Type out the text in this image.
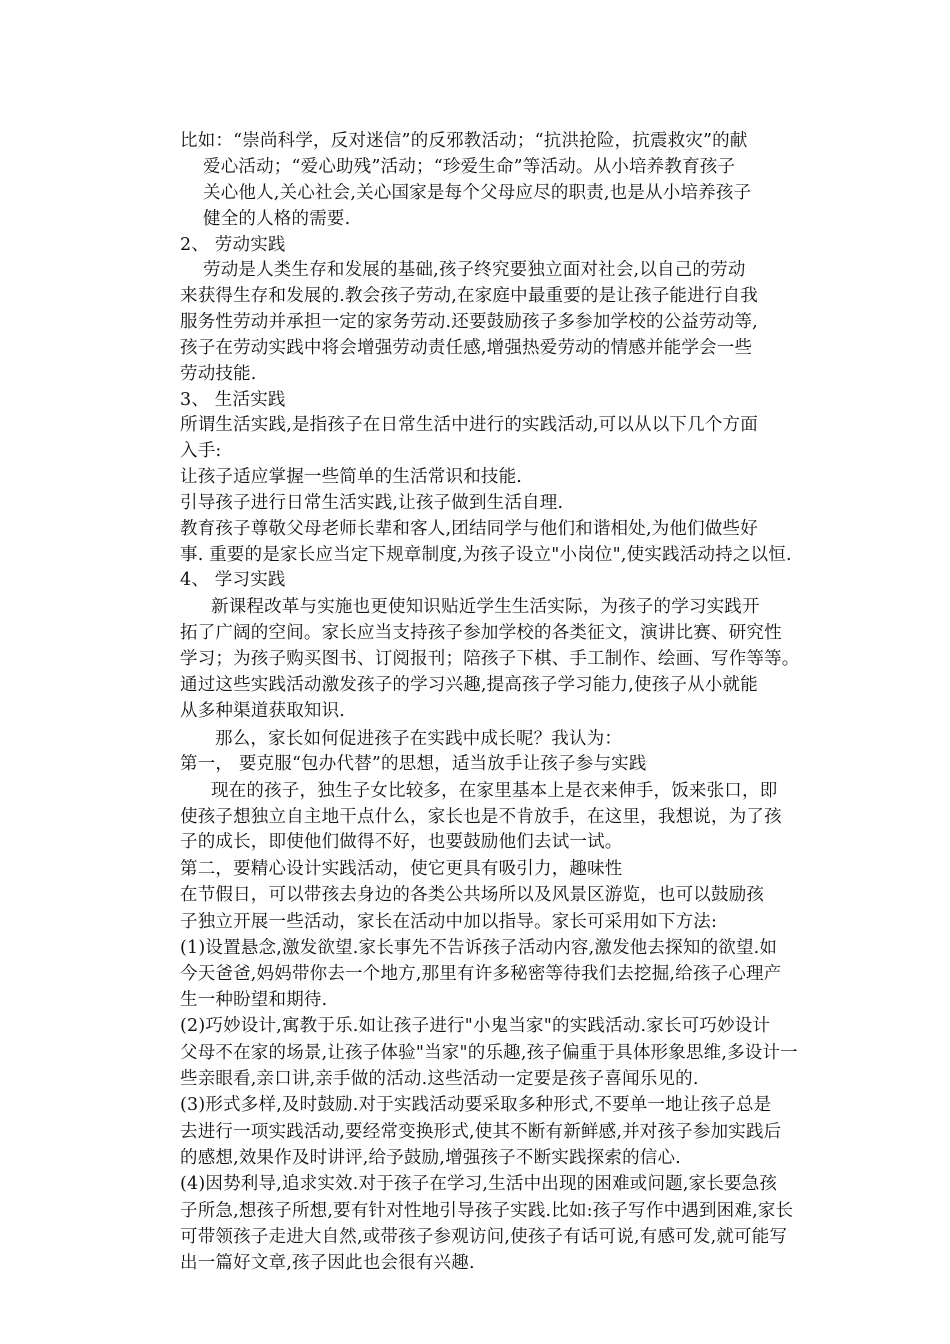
比如：“崇尚科学，反对迷信”的反邪教活动；“抗洪抢险，抗震救灾”的献
爱心活动；“爱心助残”活动；“珍爱生命”等活动。从小培养教育孩子
关心他人,关心社会,关心国家是每个父母应尽的职责,也是从小培养孩子
健全的人格的需要.
2、 劳动实践
劳动是人类生存和发展的基础,孩子终究要独立面对社会,以自己的劳动
来获得生存和发展的.教会孩子劳动,在家庭中最重要的是让孩子能进行自我
服务性劳动并承担一定的家务劳动.还要鼓励孩子多参加学校的公益劳动等,
孩子在劳动实践中将会增强劳动责任感,增强热爱劳动的情感并能学会一些
劳动技能.
3、 生活实践
所谓生活实践,是指孩子在日常生活中进行的实践活动,可以从以下几个方面
入手:
让孩子适应掌握一些简单的生活常识和技能.
引导孩子进行日常生活实践,让孩子做到生活自理.
教育孩子尊敬父母老师长辈和客人,团结同学与他们和谐相处,为他们做些好
事. 重要的是家长应当定下规章制度,为孩子设立"小岗位",使实践活动持之以恒.
4、 学习实践
新课程改革与实施也更使知识贴近学生生活实际，为孩子的学习实践开
拓了广阔的空间。家长应当支持孩子参加学校的各类征文，演讲比赛、研究性
学习；为孩子购买图书、订阅报刊；陪孩子下棋、手工制作、绘画、写作等等。
通过这些实践活动激发孩子的学习兴趣,提高孩子学习能力,使孩子从小就能
从多种渠道获取知识.
那么，家长如何促进孩子在实践中成长呢？我认为：
第一， 要克服“包办代替”的思想，适当放手让孩子参与实践
现在的孩子，独生子女比较多，在家里基本上是衣来伸手，饭来张口，即
使孩子想独立自主地干点什么，家长也是不肯放手，在这里，我想说，为了孩
子的成长，即使他们做得不好，也要鼓励他们去试一试。
第二，要精心设计实践活动，使它更具有吸引力，趣味性
在节假日，可以带孩去身边的各类公共场所以及风景区游览，也可以鼓励孩
子独立开展一些活动，家长在活动中加以指导。家长可采用如下方法:
(1)设置悬念,激发欲望.家长事先不告诉孩子活动内容,激发他去探知的欲望.如
今天爸爸,妈妈带你去一个地方,那里有许多秘密等待我们去挖掘,给孩子心理产
生一种盼望和期待.
(2)巧妙设计,寓教于乐.如让孩子进行"小鬼当家"的实践活动.家长可巧妙设计
父母不在家的场景,让孩子体验"当家"的乐趣,孩子偏重于具体形象思维,多设计一
些亲眼看,亲口讲,亲手做的活动.这些活动一定要是孩子喜闻乐见的.
(3)形式多样,及时鼓励.对于实践活动要采取多种形式,不要单一地让孩子总是
去进行一项实践活动,要经常变换形式,使其不断有新鲜感,并对孩子参加实践后
的感想,效果作及时讲评,给予鼓励,增强孩子不断实践探索的信心.
(4)因势利导,追求实效.对于孩子在学习,生活中出现的困难或问题,家长要急孩
子所急,想孩子所想,要有针对性地引导孩子实践.比如:孩子写作中遇到困难,家长
可带领孩子走进大自然,或带孩子参观访问,使孩子有话可说,有感可发,就可能写
出一篇好文章,孩子因此也会很有兴趣.
